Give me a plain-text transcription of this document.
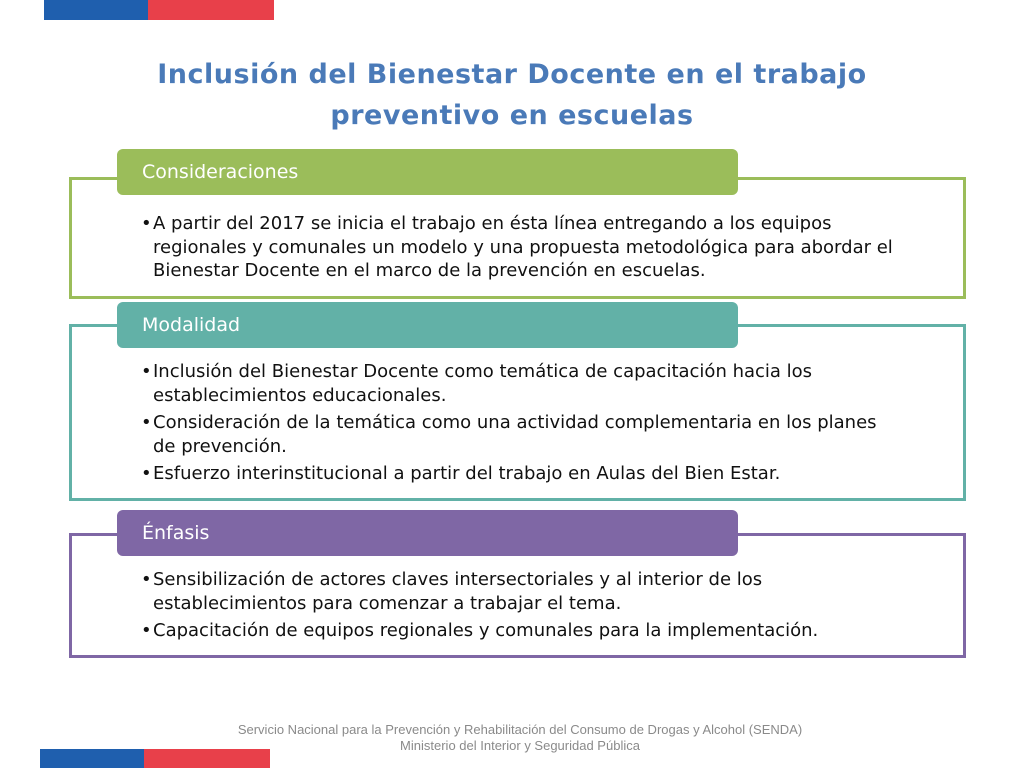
Inclusión del Bienestar Docente en el trabajo
preventivo en escuelas
Consideraciones
• A partir del 2017 se inicia el trabajo en ésta línea entregando a los equipos regionales y comunales un modelo y una propuesta metodológica para abordar el Bienestar Docente en el marco de la prevención en escuelas.
Modalidad
• Inclusión del Bienestar Docente como temática de capacitación hacia los establecimientos educacionales.
• Consideración de la temática como una actividad complementaria en los planes de prevención.
• Esfuerzo interinstitucional a partir del trabajo en Aulas del Bien Estar.
Énfasis
• Sensibilización de actores claves intersectoriales y al interior de los establecimientos para comenzar a trabajar el tema.
• Capacitación de equipos regionales y comunales para la implementación.
Servicio Nacional para la Prevención y Rehabilitación del Consumo de Drogas y Alcohol (SENDA)
Ministerio del Interior y Seguridad Pública
